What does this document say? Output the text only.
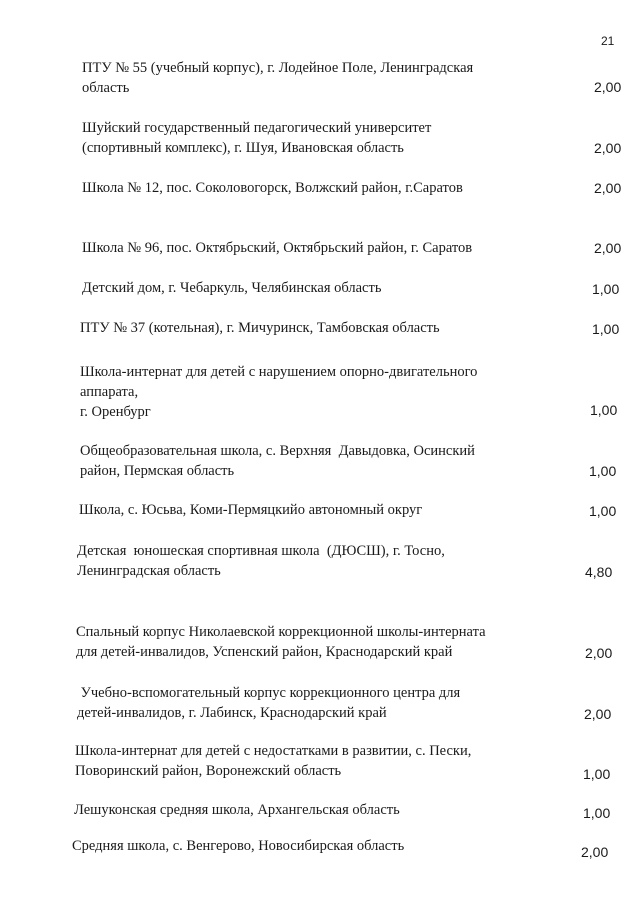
21
ПТУ № 55 (учебный корпус), г. Лодейное Поле, Ленинградская
область	2,00
Шуйский государственный педагогический университет
(спортивный комплекс), г. Шуя, Ивановская область	2,00
Школа № 12, пос. Соколовогорск, Волжский район, г.Саратов	2,00
Школа № 96, пос. Октябрьский, Октябрьский район, г. Саратов	2,00
Детский дом, г. Чебаркуль, Челябинская область	1,00
ПТУ № 37 (котельная), г. Мичуринск, Тамбовская область	1,00
Школа-интернат для детей с нарушением опорно-двигательного
аппарата,
г. Оренбург	1,00
Общеобразовательная школа, с. Верхняя  Давыдовка, Осинский
район, Пермская область	1,00
Школа, с. Юсьва, Коми-Пермяцкийо автономный округ	1,00
Детская  юношеская спортивная школа  (ДЮСШ), г. Тосно,
Ленинградская область	4,80
Спальный корпус Николаевской коррекционной школы-интерната
для детей-инвалидов, Успенский район, Краснодарский край	2,00
Учебно-вспомогательный корпус коррекционного центра для
детей-инвалидов, г. Лабинск, Краснодарский край	2,00
Школа-интернат для детей с недостатками в развитии, с. Пески,
Поворинский район, Воронежский область	1,00
Лешуконская средняя школа, Архангельская область	1,00
Средняя школа, с. Венгерово, Новосибирская область	2,00
